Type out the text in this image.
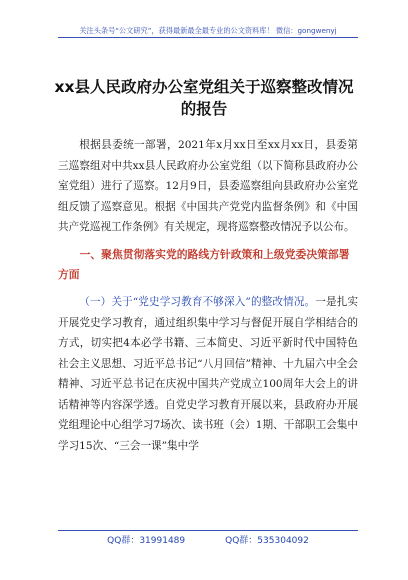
关注头条号“公文研究”，获得最新最全最专业的公文资料库！ 微信：gongwenyj
xx县人民政府办公室党组关于巡察整改情况的报告
根据县委统一部署，2021年x月xx日至xx月xx日，县委第三巡察组对中共xx县人民政府办公室党组（以下简称县政府办公室党组）进行了巡察。12月9日，县委巡察组向县政府办公室党组反馈了巡察意见。根据《中国共产党党内监督条例》和《中国共产党巡视工作条例》有关规定，现将巡察整改情况予以公布。
一、聚焦贯彻落实党的路线方针政策和上级党委决策部署方面
（一）关于“党史学习教育不够深入”的整改情况。一是扎实开展党史学习教育，通过组织集中学习与督促开展自学相结合的方式，切实把4本必学书籍、三本简史、习近平新时代中国特色社会主义思想、习近平总书记“八月回信”精神、十九届六中全会精神、习近平总书记在庆祝中国共产党成立100周年大会上的讲话精神等内容深学透。自党史学习教育开展以来，县政府办开展党组理论中心组学习7场次、读书班（会）1期、干部职工会集中学习15次、“三会一课”集中学
QQ群：31991489	QQ群：535304092
